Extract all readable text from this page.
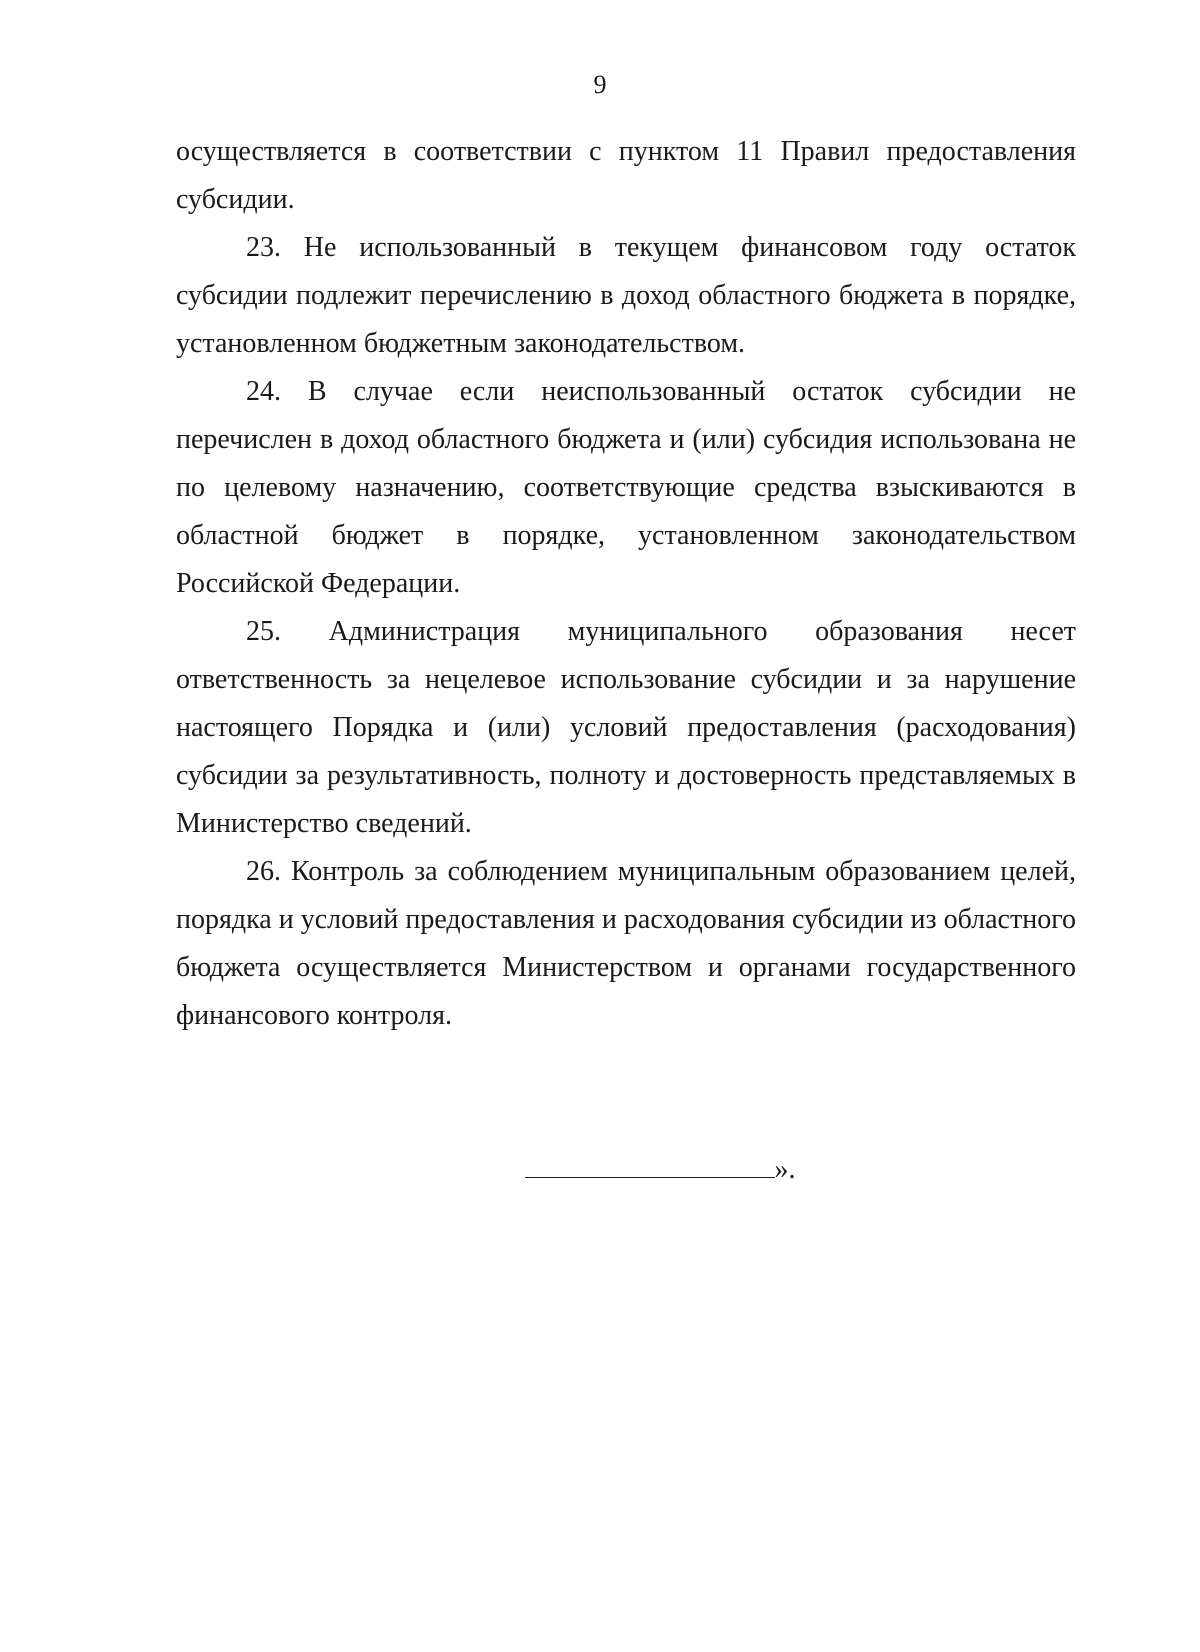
9

осуществляется в соответствии с пунктом 11 Правил предоставления субсидии.

23. Не использованный в текущем финансовом году остаток субсидии подлежит перечислению в доход областного бюджета в порядке, установленном бюджетным законодательством.

24. В случае если неиспользованный остаток субсидии не перечислен в доход областного бюджета и (или) субсидия использована не по целевому назначению, соответствующие средства взыскиваются в областной бюджет в порядке, установленном законодательством Российской Федерации.

25. Администрация муниципального образования несет ответственность за нецелевое использование субсидии и за нарушение настоящего Порядка и (или) условий предоставления (расходования) субсидии за результативность, полноту и достоверность представляемых в Министерство сведений.

26. Контроль за соблюдением муниципальным образованием целей, порядка и условий предоставления и расходования субсидии из областного бюджета осуществляется Министерством и органами государственного финансового контроля.

».
